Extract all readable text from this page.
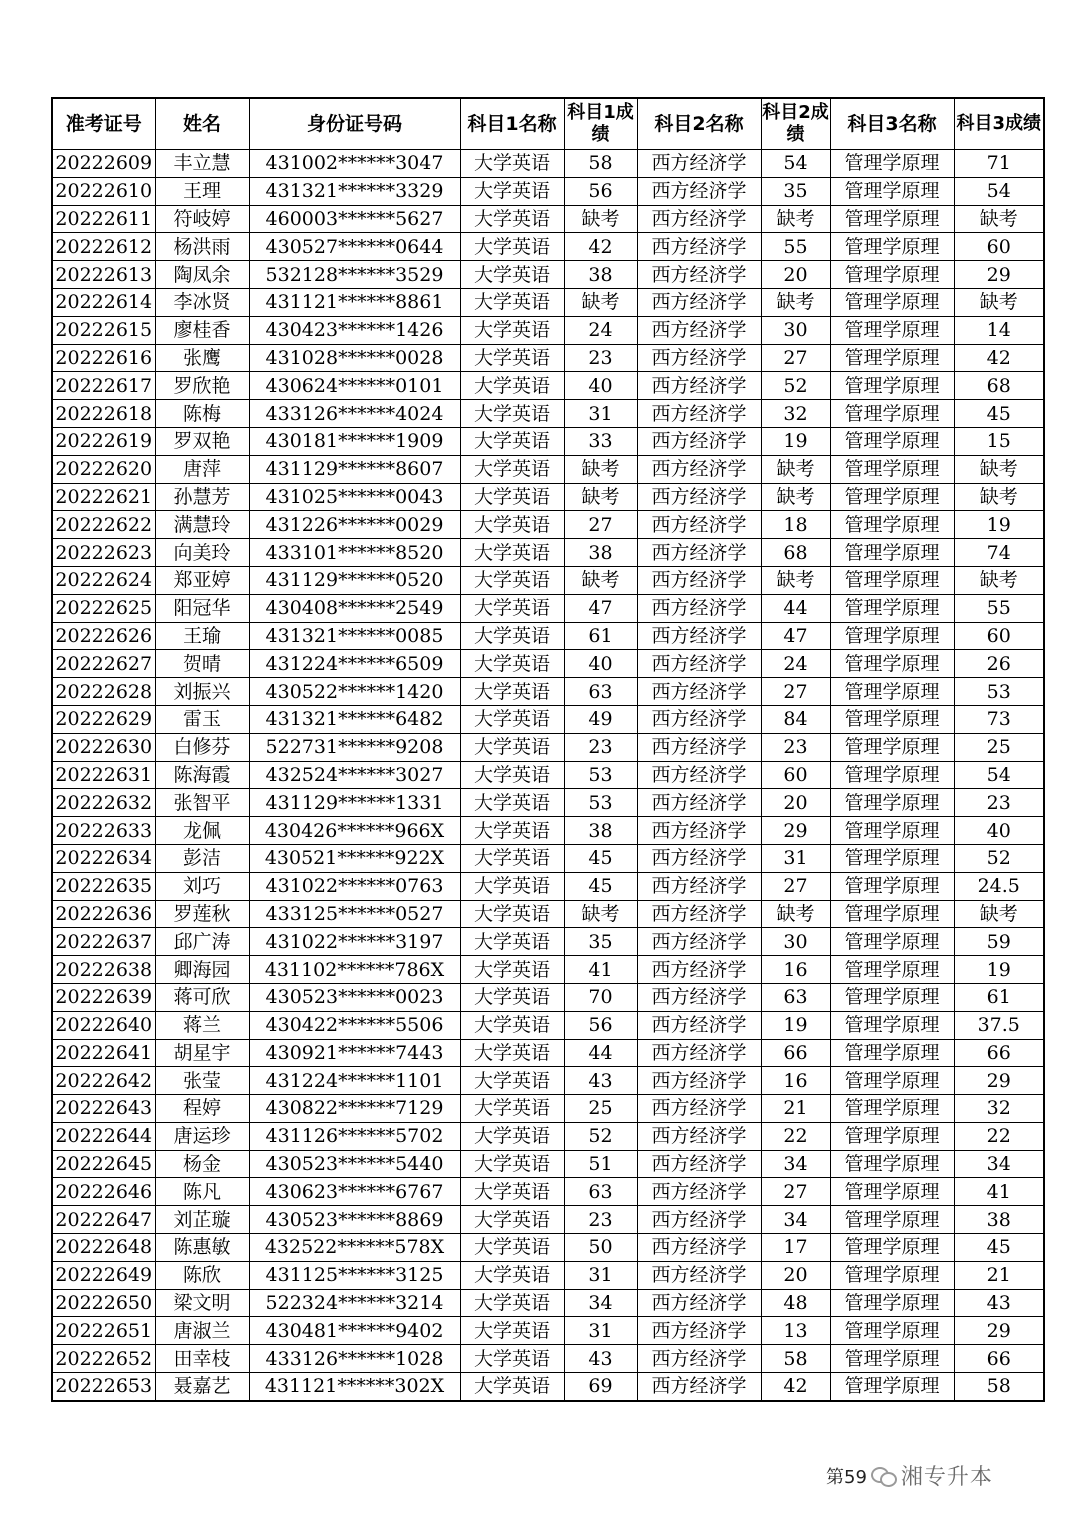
准考证号	姓名	身份证号码	科目1名称	科目1成绩	科目2名称	科目2成绩	科目3名称	科目3成绩
20222609	丰立慧	431002******3047	大学英语	58	西方经济学	54	管理学原理	71
20222610	王理	431321******3329	大学英语	56	西方经济学	35	管理学原理	54
20222611	符岐婷	460003******5627	大学英语	缺考	西方经济学	缺考	管理学原理	缺考
20222612	杨洪雨	430527******0644	大学英语	42	西方经济学	55	管理学原理	60
20222613	陶凤余	532128******3529	大学英语	38	西方经济学	20	管理学原理	29
20222614	李冰贤	431121******8861	大学英语	缺考	西方经济学	缺考	管理学原理	缺考
20222615	廖桂香	430423******1426	大学英语	24	西方经济学	30	管理学原理	14
20222616	张鹰	431028******0028	大学英语	23	西方经济学	27	管理学原理	42
20222617	罗欣艳	430624******0101	大学英语	40	西方经济学	52	管理学原理	68
20222618	陈梅	433126******4024	大学英语	31	西方经济学	32	管理学原理	45
20222619	罗双艳	430181******1909	大学英语	33	西方经济学	19	管理学原理	15
20222620	唐萍	431129******8607	大学英语	缺考	西方经济学	缺考	管理学原理	缺考
20222621	孙慧芳	431025******0043	大学英语	缺考	西方经济学	缺考	管理学原理	缺考
20222622	满慧玲	431226******0029	大学英语	27	西方经济学	18	管理学原理	19
20222623	向美玲	433101******8520	大学英语	38	西方经济学	68	管理学原理	74
20222624	郑亚婷	431129******0520	大学英语	缺考	西方经济学	缺考	管理学原理	缺考
20222625	阳冠华	430408******2549	大学英语	47	西方经济学	44	管理学原理	55
20222626	王瑜	431321******0085	大学英语	61	西方经济学	47	管理学原理	60
20222627	贺晴	431224******6509	大学英语	40	西方经济学	24	管理学原理	26
20222628	刘振兴	430522******1420	大学英语	63	西方经济学	27	管理学原理	53
20222629	雷玉	431321******6482	大学英语	49	西方经济学	84	管理学原理	73
20222630	白修芬	522731******9208	大学英语	23	西方经济学	23	管理学原理	25
20222631	陈海霞	432524******3027	大学英语	53	西方经济学	60	管理学原理	54
20222632	张智平	431129******1331	大学英语	53	西方经济学	20	管理学原理	23
20222633	龙佩	430426******966X	大学英语	38	西方经济学	29	管理学原理	40
20222634	彭洁	430521******922X	大学英语	45	西方经济学	31	管理学原理	52
20222635	刘巧	431022******0763	大学英语	45	西方经济学	27	管理学原理	24.5
20222636	罗莲秋	433125******0527	大学英语	缺考	西方经济学	缺考	管理学原理	缺考
20222637	邱广涛	431022******3197	大学英语	35	西方经济学	30	管理学原理	59
20222638	卿海园	431102******786X	大学英语	41	西方经济学	16	管理学原理	19
20222639	蒋可欣	430523******0023	大学英语	70	西方经济学	63	管理学原理	61
20222640	蒋兰	430422******5506	大学英语	56	西方经济学	19	管理学原理	37.5
20222641	胡星宇	430921******7443	大学英语	44	西方经济学	66	管理学原理	66
20222642	张莹	431224******1101	大学英语	43	西方经济学	16	管理学原理	29
20222643	程婷	430822******7129	大学英语	25	西方经济学	21	管理学原理	32
20222644	唐运珍	431126******5702	大学英语	52	西方经济学	22	管理学原理	22
20222645	杨金	430523******5440	大学英语	51	西方经济学	34	管理学原理	34
20222646	陈凡	430623******6767	大学英语	63	西方经济学	27	管理学原理	41
20222647	刘芷璇	430523******8869	大学英语	23	西方经济学	34	管理学原理	38
20222648	陈惠敏	432522******578X	大学英语	50	西方经济学	17	管理学原理	45
20222649	陈欣	431125******3125	大学英语	31	西方经济学	20	管理学原理	21
20222650	梁文明	522324******3214	大学英语	34	西方经济学	48	管理学原理	43
20222651	唐淑兰	430481******9402	大学英语	31	西方经济学	13	管理学原理	29
20222652	田幸枝	433126******1028	大学英语	43	西方经济学	58	管理学原理	66
20222653	聂嘉艺	431121******302X	大学英语	69	西方经济学	42	管理学原理	58
第59 湘专升本
